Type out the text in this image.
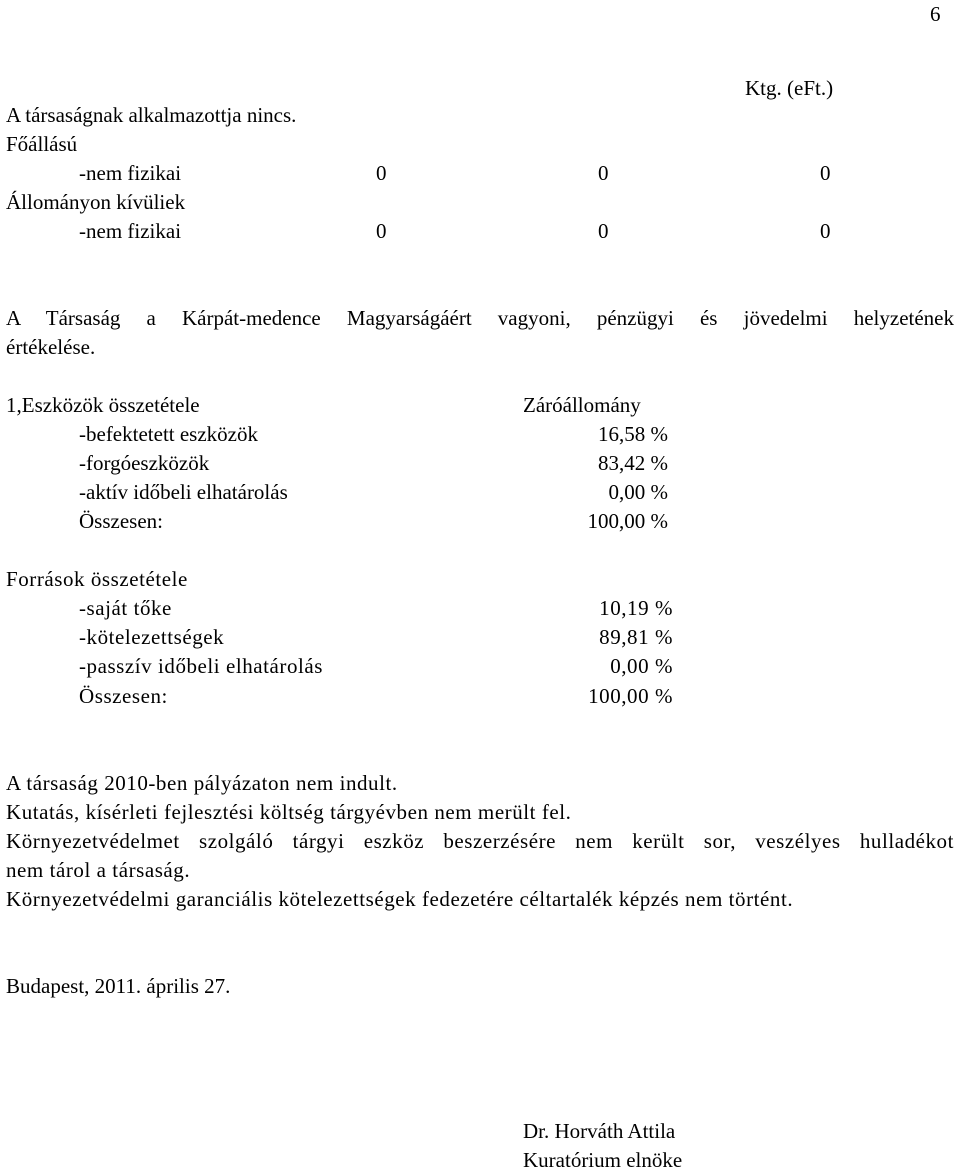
6
Ktg. (eFt.)
A társaságnak alkalmazottja nincs.
Főállású
-nem fizikai	0	0	0
Állományon kívüliek
-nem fizikai	0	0	0
A Társaság a Kárpát-medence Magyarságáért vagyoni, pénzügyi és jövedelmi helyzetének
értékelése.
1,Eszközök összetétele	Záróállomány
-befektetett eszközök	16,58 %
-forgóeszközök	83,42 %
-aktív időbeli elhatárolás	0,00 %
Összesen:	100,00 %
Források összetétele
-saját tőke	10,19 %
-kötelezettségek	89,81 %
-passzív időbeli elhatárolás	0,00 %
Összesen:	100,00 %
A társaság 2010-ben pályázaton nem indult.
Kutatás, kísérleti fejlesztési költség tárgyévben nem merült fel.
Környezetvédelmet szolgáló tárgyi eszköz beszerzésére nem került sor, veszélyes hulladékot
nem tárol a társaság.
Környezetvédelmi garanciális kötelezettségek fedezetére céltartalék képzés nem történt.
Budapest, 2011. április 27.
Dr. Horváth Attila
Kuratórium elnöke
